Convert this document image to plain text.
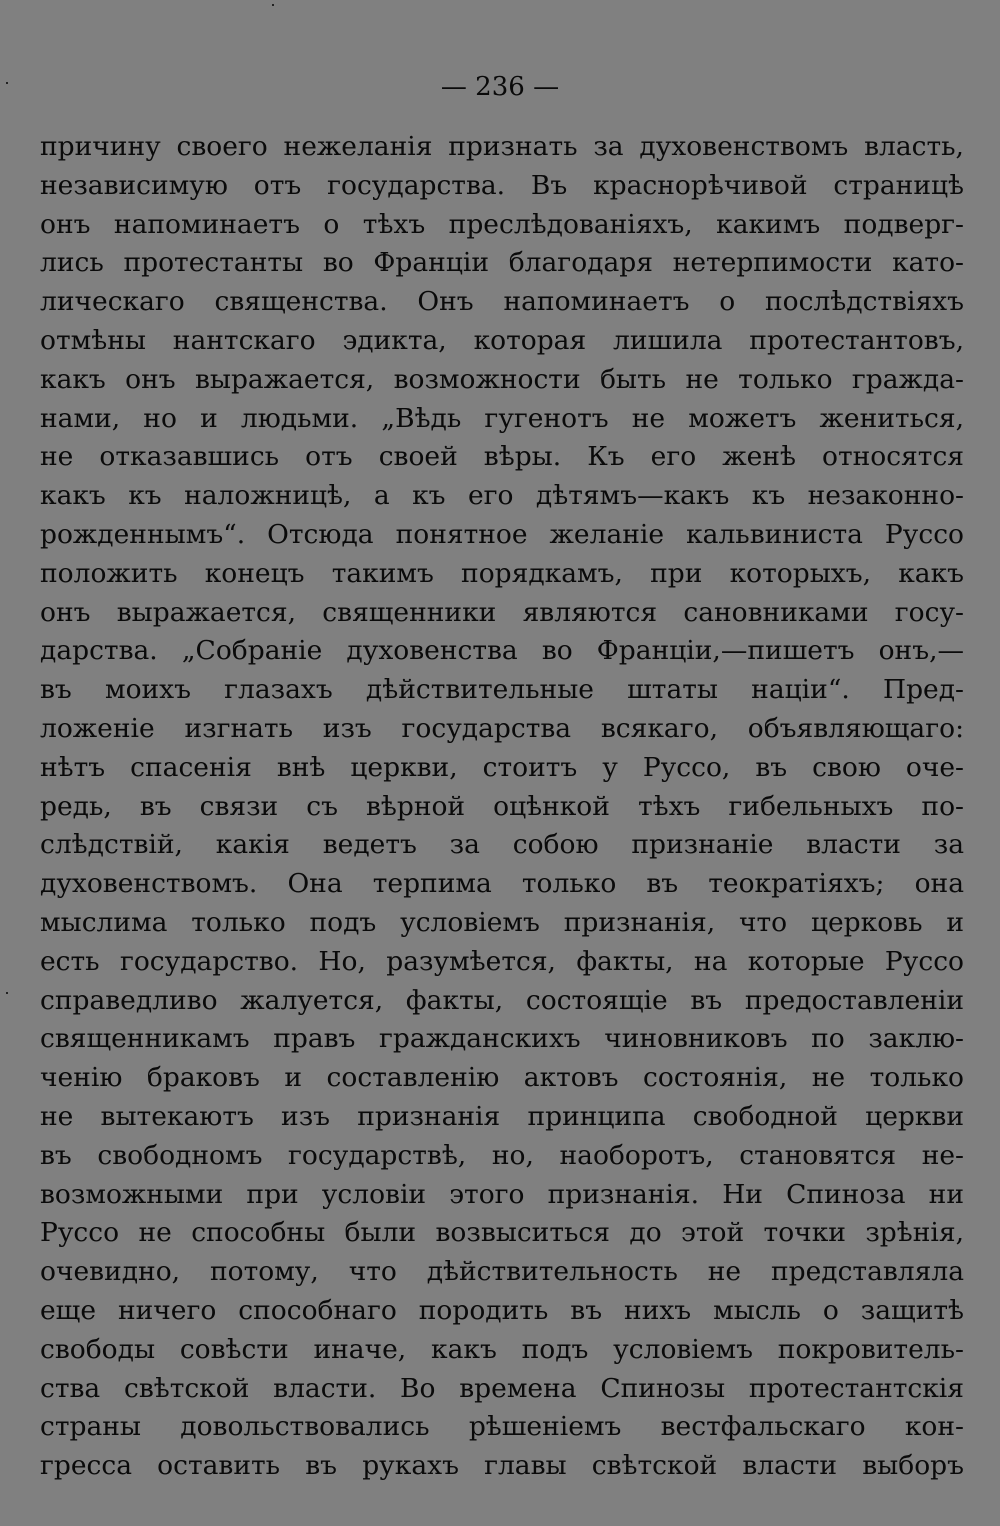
— 236 —
причину своего нежеланія признать за духовенствомъ власть,
независимую отъ государства. Въ краснорѣчивой страницѣ
онъ напоминаетъ о тѣхъ преслѣдованіяхъ, какимъ подверг-
лись протестанты во Франціи благодаря нетерпимости като-
лическаго священства. Онъ напоминаетъ о послѣдствіяхъ
отмѣны нантскаго эдикта, которая лишила протестантовъ,
какъ онъ выражается, возможности быть не только гражда-
нами, но и людьми. „Вѣдь гугенотъ не можетъ жениться,
не отказавшись отъ своей вѣры. Къ его женѣ относятся
какъ къ наложницѣ, а къ его дѣтямъ—какъ къ незаконно-
рожденнымъ“. Отсюда понятное желаніе кальвиниста Руссо
положить конецъ такимъ порядкамъ, при которыхъ, какъ
онъ выражается, священники являются сановниками госу-
дарства. „Собраніе духовенства во Франціи,—пишетъ онъ,—
въ моихъ глазахъ дѣйствительные штаты націи“. Пред-
ложеніе изгнать изъ государства всякаго, объявляющаго:
нѣтъ спасенія внѣ церкви, стоитъ у Руссо, въ свою оче-
редь, въ связи съ вѣрной оцѣнкой тѣхъ гибельныхъ по-
слѣдствій, какія ведетъ за собою признаніе власти за
духовенствомъ. Она терпима только въ теократіяхъ; она
мыслима только подъ условіемъ признанія, что церковь и
есть государство. Но, разумѣется, факты, на которые Руссо
справедливо жалуется, факты, состоящіе въ предоставленіи
священникамъ правъ гражданскихъ чиновниковъ по заклю-
ченію браковъ и составленію актовъ состоянія, не только
не вытекаютъ изъ признанія принципа свободной церкви
въ свободномъ государствѣ, но, наоборотъ, становятся не-
возможными при условіи этого признанія. Ни Спиноза ни
Руссо не способны были возвыситься до этой точки зрѣнія,
очевидно, потому, что дѣйствительность не представляла
еще ничего способнаго породить въ нихъ мысль о защитѣ
свободы совѣсти иначе, какъ подъ условіемъ покровитель-
ства свѣтской власти. Во времена Спинозы протестантскія
страны довольствовались рѣшеніемъ вестфальскаго кон-
гресса оставить въ рукахъ главы свѣтской власти выборъ
